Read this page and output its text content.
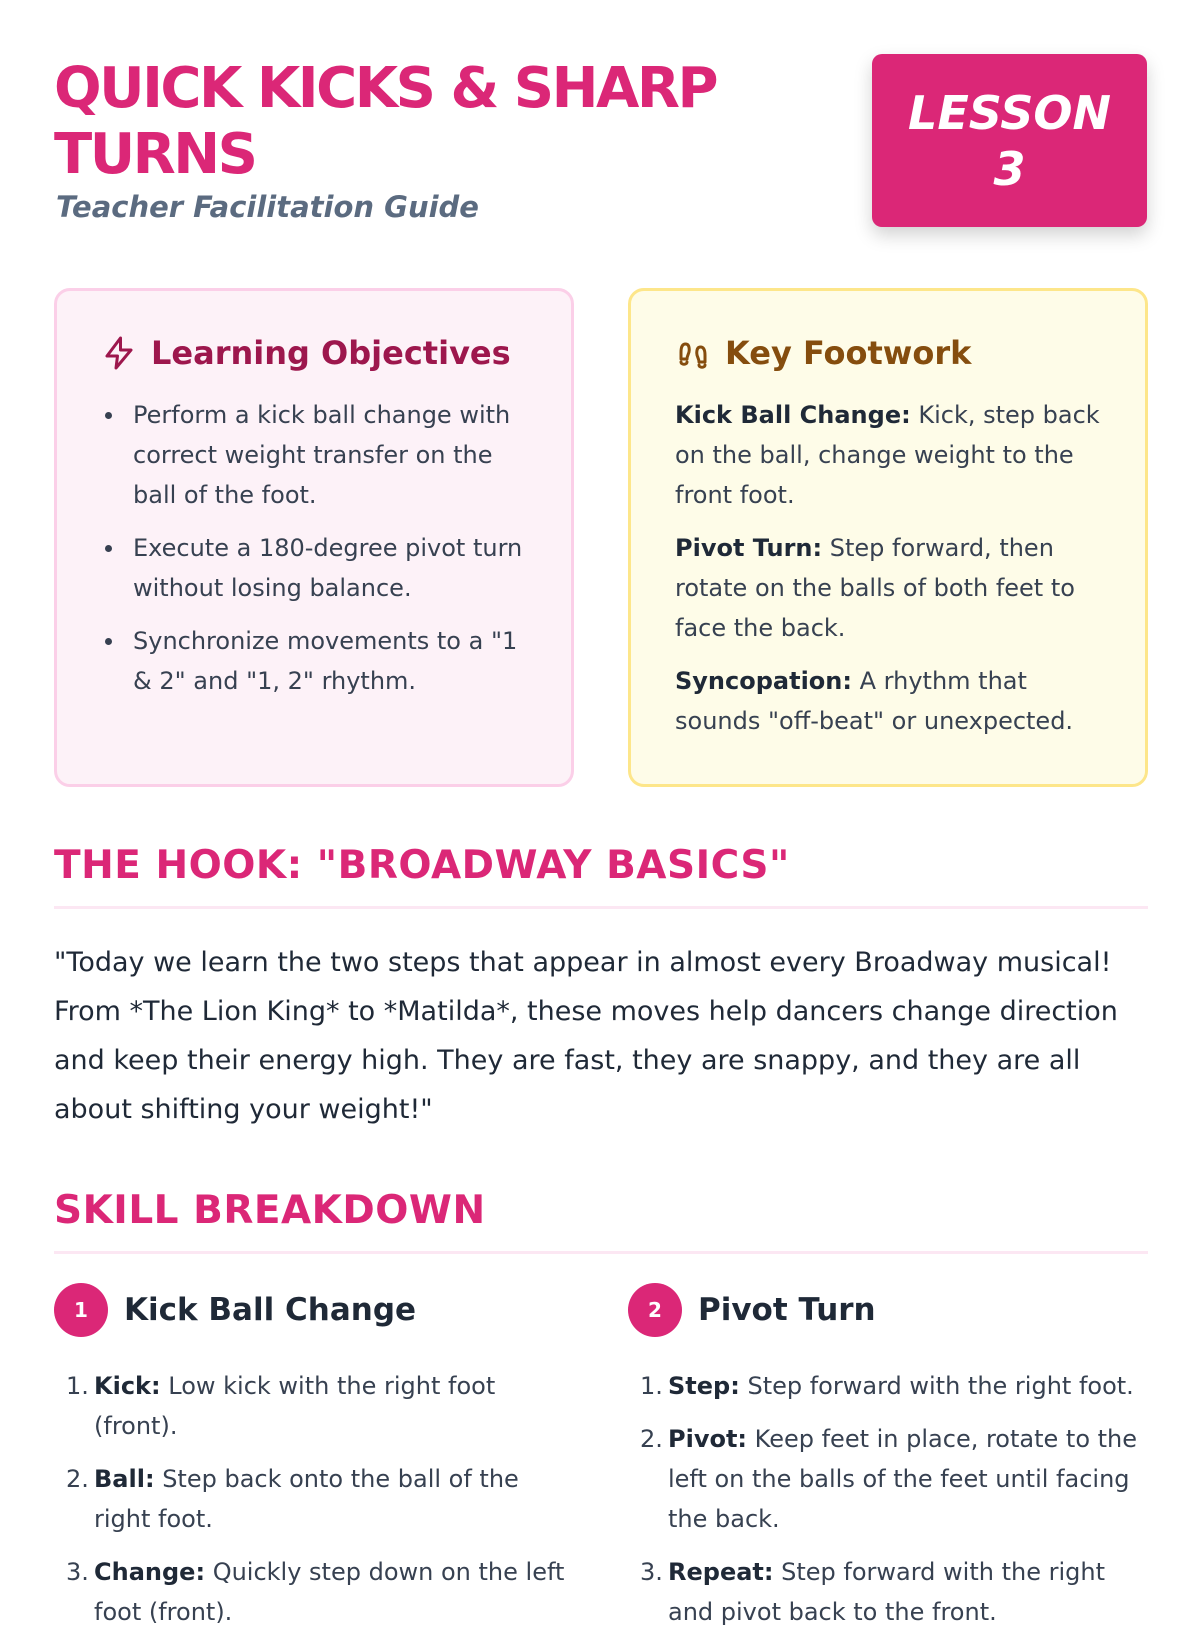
QUICK KICKS & SHARP TURNS
Teacher Facilitation Guide
LESSON 3
Learning Objectives
Perform a kick ball change with correct weight transfer on the ball of the foot.
Execute a 180-degree pivot turn without losing balance.
Synchronize movements to a "1 & 2" and "1, 2" rhythm.
Key Footwork
Kick Ball Change: Kick, step back on the ball, change weight to the front foot.
Pivot Turn: Step forward, then rotate on the balls of both feet to face the back.
Syncopation: A rhythm that sounds "off-beat" or unexpected.
THE HOOK: "BROADWAY BASICS"

"Today we learn the two steps that appear in almost every Broadway musical! From *The Lion King* to *Matilda*, these moves help dancers change direction and keep their energy high. They are fast, they are snappy, and they are all about shifting your weight!"

SKILL BREAKDOWN
1	Kick Ball Change
1. Kick: Low kick with the right foot (front).
2. Ball: Step back onto the ball of the right foot.
3. Change: Quickly step down on the left foot (front).
2	Pivot Turn
1. Step: Step forward with the right foot.
2. Pivot: Keep feet in place, rotate to the left on the balls of the feet until facing the back.
3. Repeat: Step forward with the right and pivot back to the front.
